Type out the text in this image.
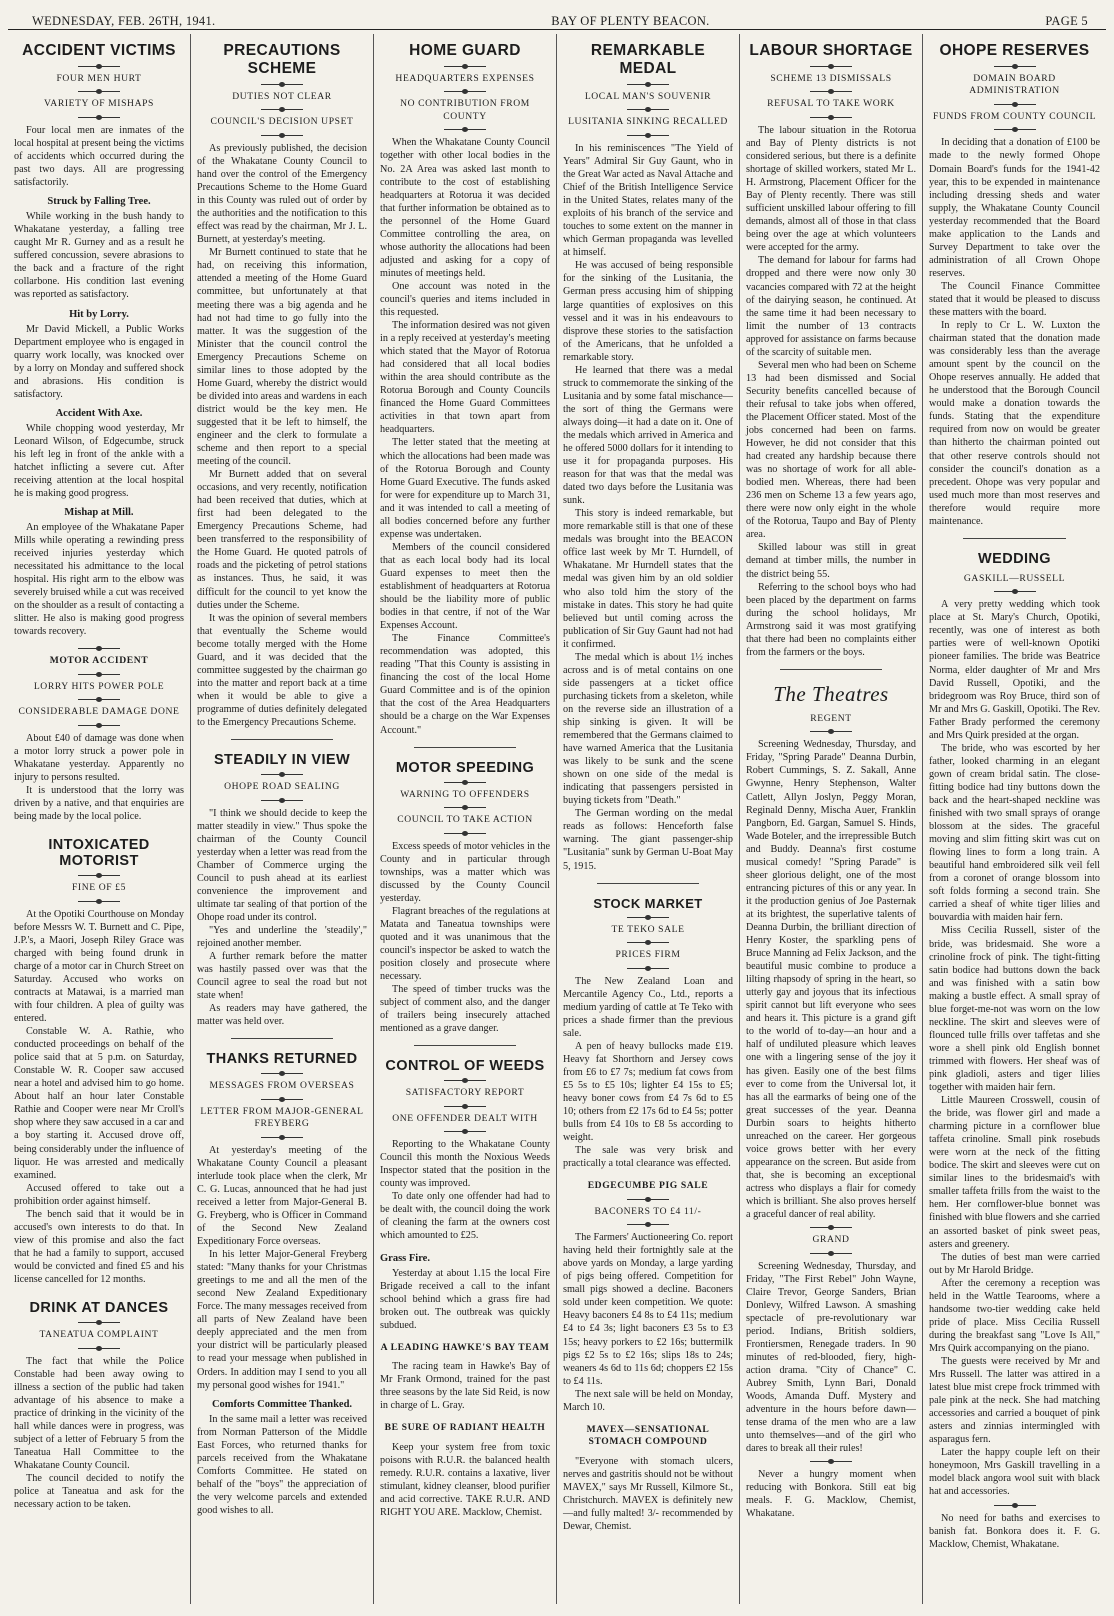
WEDNESDAY, FEB. 26TH, 1941.	BAY OF PLENTY BEACON.	PAGE 5
ACCIDENT VICTIMS
FOUR MEN HURT
VARIETY OF MISHAPS

Four local men are inmates of the local hospital at present being the victims of accidents which occurred during the past two days. All are progressing satisfactorily.

Struck by Falling Tree.

While working in the bush handy to Whakatane yesterday, a falling tree caught Mr R. Gurney and as a result he suffered concussion, severe abrasions to the back and a fracture of the right collarbone. His condition last evening was reported as satisfactory.

Hit by Lorry.

Mr David Mickell, a Public Works Department employee who is engaged in quarry work locally, was knocked over by a lorry on Monday and suffered shock and abrasions. His condition is satisfactory.

Accident With Axe.

While chopping wood yesterday, Mr Leonard Wilson, of Edgecumbe, struck his left leg in front of the ankle with a hatchet inflicting a severe cut. After receiving attention at the local hospital he is making good progress.

Mishap at Mill.

An employee of the Whakatane Paper Mills while operating a rewinding press received injuries yesterday which necessitated his admittance to the local hospital. His right arm to the elbow was severely bruised while a cut was received on the shoulder as a result of contacting a slitter. He also is making good progress towards recovery.

MOTOR ACCIDENT
LORRY HITS POWER POLE
CONSIDERABLE DAMAGE DONE

About £40 of damage was done when a motor lorry struck a power pole in Whakatane yesterday. Apparently no injury to persons resulted.

It is understood that the lorry was driven by a native, and that enquiries are being made by the local police.

INTOXICATED MOTORIST
FINE OF £5

At the Opotiki Courthouse on Monday before Messrs W. T. Burnett and C. Pipe, J.P.'s, a Maori, Joseph Riley Grace was charged with being found drunk in charge of a motor car in Church Street on Saturday. Accused who works on contracts at Matawai, is a married man with four children. A plea of guilty was entered.

Constable W. A. Rathie, who conducted proceedings on behalf of the police said that at 5 p.m. on Saturday, Constable W. R. Cooper saw accused near a hotel and advised him to go home. About half an hour later Constable Rathie and Cooper were near Mr Croll's shop where they saw accused in a car and a boy starting it. Accused drove off, being considerably under the influence of liquor. He was arrested and medically examined.

Accused offered to take out a prohibition order against himself.

The bench said that it would be in accused's own interests to do that. In view of this promise and also the fact that he had a family to support, accused would be convicted and fined £5 and his license cancelled for 12 months.

DRINK AT DANCES
TANEATUA COMPLAINT

The fact that while the Police Constable had been away owing to illness a section of the public had taken advantage of his absence to make a practice of drinking in the vicinity of the hall while dances were in progress, was subject of a letter of February 5 from the Taneatua Hall Committee to the Whakatane County Council.

The council decided to notify the police at Taneatua and ask for the necessary action to be taken.

PRECAUTIONS SCHEME
DUTIES NOT CLEAR
COUNCIL'S DECISION UPSET

As previously published, the decision of the Whakatane County Council to hand over the control of the Emergency Precautions Scheme to the Home Guard in this County was ruled out of order by the authorities and the notification to this effect was read by the chairman, Mr J. L. Burnett, at yesterday's meeting.

Mr Burnett continued to state that he had, on receiving this information, attended a meeting of the Home Guard committee, but unfortunately at that meeting there was a big agenda and he had not had time to go fully into the matter. It was the suggestion of the Minister that the council control the Emergency Precautions Scheme on similar lines to those adopted by the Home Guard, whereby the district would be divided into areas and wardens in each district would be the key men. He suggested that it be left to himself, the engineer and the clerk to formulate a scheme and then report to a special meeting of the council.

Mr Burnett added that on several occasions, and very recently, notification had been received that duties, which at first had been delegated to the Emergency Precautions Scheme, had been transferred to the responsibility of the Home Guard. He quoted patrols of roads and the picketing of petrol stations as instances. Thus, he said, it was difficult for the council to yet know the duties under the Scheme.

It was the opinion of several members that eventually the Scheme would become totally merged with the Home Guard, and it was decided that the committee suggested by the chairman go into the matter and report back at a time when it would be able to give a programme of duties definitely delegated to the Emergency Precautions Scheme.

STEADILY IN VIEW
OHOPE ROAD SEALING

"I think we should decide to keep the matter steadily in view." Thus spoke the chairman of the County Council yesterday when a letter was read from the Chamber of Commerce urging the Council to push ahead at its earliest convenience the improvement and ultimate tar sealing of that portion of the Ohope road under its control.

"Yes and underline the 'steadily'," rejoined another member.

A further remark before the matter was hastily passed over was that the Council agree to seal the road but not state when!

As readers may have gathered, the matter was held over.

THANKS RETURNED
MESSAGES FROM OVERSEAS
LETTER FROM MAJOR-GENERAL FREYBERG

At yesterday's meeting of the Whakatane County Council a pleasant interlude took place when the clerk, Mr C. G. Lucas, announced that he had just received a letter from Major-General B. G. Freyberg, who is Officer in Command of the Second New Zealand Expeditionary Force overseas.

In his letter Major-General Freyberg stated: "Many thanks for your Christmas greetings to me and all the men of the second New Zealand Expeditionary Force. The many messages received from all parts of New Zealand have been deeply appreciated and the men from your district will be particularly pleased to read your message when published in Orders. In addition may I send to you all my personal good wishes for 1941."

Comforts Committee Thanked.

In the same mail a letter was received from Norman Patterson of the Middle East Forces, who returned thanks for parcels received from the Whakatane Comforts Committee. He stated on behalf of the "boys" the appreciation of the very welcome parcels and extended good wishes to all.

HOME GUARD
HEADQUARTERS EXPENSES
NO CONTRIBUTION FROM COUNTY

When the Whakatane County Council together with other local bodies in the No. 2A Area was asked last month to contribute to the cost of establishing headquarters at Rotorua it was decided that further information be obtained as to the personnel of the Home Guard Committee controlling the area, on whose authority the allocations had been adjusted and asking for a copy of minutes of meetings held.

One account was noted in the council's queries and items included in this requested.

The information desired was not given in a reply received at yesterday's meeting which stated that the Mayor of Rotorua had considered that all local bodies within the area should contribute as the Rotorua Borough and County Councils financed the Home Guard Committees activities in that town apart from headquarters.

The letter stated that the meeting at which the allocations had been made was of the Rotorua Borough and County Home Guard Executive. The funds asked for were for expenditure up to March 31, and it was intended to call a meeting of all bodies concerned before any further expense was undertaken.

Members of the council considered that as each local body had its local Guard expenses to meet then the establishment of headquarters at Rotorua should be the liability more of public bodies in that centre, if not of the War Expenses Account.

The Finance Committee's recommendation was adopted, this reading "That this County is assisting in financing the cost of the local Home Guard Committee and is of the opinion that the cost of the Area Headquarters should be a charge on the War Expenses Account."

MOTOR SPEEDING
WARNING TO OFFENDERS
COUNCIL TO TAKE ACTION

Excess speeds of motor vehicles in the County and in particular through townships, was a matter which was discussed by the County Council yesterday.

Flagrant breaches of the regulations at Matata and Taneatua townships were quoted and it was unanimous that the council's inspector be asked to watch the position closely and prosecute where necessary.

The speed of timber trucks was the subject of comment also, and the danger of trailers being insecurely attached mentioned as a grave danger.

CONTROL OF WEEDS
SATISFACTORY REPORT
ONE OFFENDER DEALT WITH

Reporting to the Whakatane County Council this month the Noxious Weeds Inspector stated that the position in the county was improved.

To date only one offender had had to be dealt with, the council doing the work of cleaning the farm at the owners cost which amounted to £25.

Grass Fire.

Yesterday at about 1.15 the local Fire Brigade received a call to the infant school behind which a grass fire had broken out. The outbreak was quickly subdued.

A LEADING HAWKE'S BAY TEAM

The racing team in Hawke's Bay of Mr Frank Ormond, trained for the past three seasons by the late Sid Reid, is now in charge of L. Gray.

BE SURE OF RADIANT HEALTH

Keep your system free from toxic poisons with R.U.R. the balanced health remedy. R.U.R. contains a laxative, liver stimulant, kidney cleanser, blood purifier and acid corrective. TAKE R.U.R. AND RIGHT YOU ARE. Macklow, Chemist.

REMARKABLE MEDAL
LOCAL MAN'S SOUVENIR
LUSITANIA SINKING RECALLED

In his reminiscences "The Yield of Years" Admiral Sir Guy Gaunt, who in the Great War acted as Naval Attache and Chief of the British Intelligence Service in the United States, relates many of the exploits of his branch of the service and touches to some extent on the manner in which German propaganda was levelled at himself.

He was accused of being responsible for the sinking of the Lusitania, the German press accusing him of shipping large quantities of explosives on this vessel and it was in his endeavours to disprove these stories to the satisfaction of the Americans, that he unfolded a remarkable story.

He learned that there was a medal struck to commemorate the sinking of the Lusitania and by some fatal mischance—the sort of thing the Germans were always doing—it had a date on it. One of the medals which arrived in America and he offered 5000 dollars for it intending to use it for propaganda purposes. His reason for that was that the medal was dated two days before the Lusitania was sunk.

This story is indeed remarkable, but more remarkable still is that one of these medals was brought into the BEACON office last week by Mr T. Hurndell, of Whakatane. Mr Hurndell states that the medal was given him by an old soldier who also told him the story of the mistake in dates. This story he had quite believed but until coming across the publication of Sir Guy Gaunt had not had it confirmed.

The medal which is about 1½ inches across and is of metal contains on one side passengers at a ticket office purchasing tickets from a skeleton, while on the reverse side an illustration of a ship sinking is given. It will be remembered that the Germans claimed to have warned America that the Lusitania was likely to be sunk and the scene shown on one side of the medal is indicating that passengers persisted in buying tickets from "Death."

The German wording on the medal reads as follows: Henceforth false warning. The giant passenger-ship "Lusitania" sunk by German U-Boat May 5, 1915.

STOCK MARKET
TE TEKO SALE
PRICES FIRM

The New Zealand Loan and Mercantile Agency Co., Ltd., reports a medium yarding of cattle at Te Teko with prices a shade firmer than the previous sale.

A pen of heavy bullocks made £19. Heavy fat Shorthorn and Jersey cows from £6 to £7 7s; medium fat cows from £5 5s to £5 10s; lighter £4 15s to £5; heavy boner cows from £4 7s 6d to £5 10; others from £2 17s 6d to £4 5s; potter bulls from £4 10s to £8 5s according to weight.

The sale was very brisk and practically a total clearance was effected.

EDGECUMBE PIG SALE
BACONERS TO £4 11/-

The Farmers' Auctioneering Co. report having held their fortnightly sale at the above yards on Monday, a large yarding of pigs being offered. Competition for small pigs showed a decline. Baconers sold under keen competition. We quote: Heavy baconers £4 8s to £4 11s; medium £4 to £4 3s; light baconers £3 5s to £3 15s; heavy porkers to £2 16s; buttermilk pigs £2 5s to £2 16s; slips 18s to 24s; weaners 4s 6d to 11s 6d; choppers £2 15s to £4 11s.

The next sale will be held on Monday, March 10.

MAVEX—SENSATIONAL STOMACH COMPOUND

"Everyone with stomach ulcers, nerves and gastritis should not be without MAVEX," says Mr Russell, Kilmore St., Christchurch. MAVEX is definitely new—and fully malted! 3/- recommended by Dewar, Chemist.

LABOUR SHORTAGE
SCHEME 13 DISMISSALS
REFUSAL TO TAKE WORK

The labour situation in the Rotorua and Bay of Plenty districts is not considered serious, but there is a definite shortage of skilled workers, stated Mr L. H. Armstrong, Placement Officer for the Bay of Plenty recently. There was still sufficient unskilled labour offering to fill demands, almost all of those in that class being over the age at which volunteers were accepted for the army.

The demand for labour for farms had dropped and there were now only 30 vacancies compared with 72 at the height of the dairying season, he continued. At the same time it had been necessary to limit the number of 13 contracts approved for assistance on farms because of the scarcity of suitable men.

Several men who had been on Scheme 13 had been dismissed and Social Security benefits cancelled because of their refusal to take jobs when offered, the Placement Officer stated. Most of the jobs concerned had been on farms. However, he did not consider that this had created any hardship because there was no shortage of work for all able-bodied men. Whereas, there had been 236 men on Scheme 13 a few years ago, there were now only eight in the whole of the Rotorua, Taupo and Bay of Plenty area.

Skilled labour was still in great demand at timber mills, the number in the district being 55.

Referring to the school boys who had been placed by the department on farms during the school holidays, Mr Armstrong said it was most gratifying that there had been no complaints either from the farmers or the boys.

The Theatres
REGENT

Screening Wednesday, Thursday, and Friday, "Spring Parade" Deanna Durbin, Robert Cummings, S. Z. Sakall, Anne Gwynne, Henry Stephenson, Walter Catlett, Allyn Joslyn, Peggy Moran, Reginald Denny, Mischa Auer, Franklin Pangborn, Ed. Gargan, Samuel S. Hinds, Wade Boteler, and the irrepressible Butch and Buddy. Deanna's first costume musical comedy! "Spring Parade" is sheer glorious delight, one of the most entrancing pictures of this or any year. In it the production genius of Joe Pasternak at its brightest, the superlative talents of Deanna Durbin, the brilliant direction of Henry Koster, the sparkling pens of Bruce Manning ad Felix Jackson, and the beautiful music combine to produce a lilting rhapsody of spring in the heart, so utterly gay and joyous that its infectious spirit cannot but lift everyone who sees and hears it. This picture is a grand gift to the world of to-day—an hour and a half of undiluted pleasure which leaves one with a lingering sense of the joy it has given. Easily one of the best films ever to come from the Universal lot, it has all the earmarks of being one of the great successes of the year. Deanna Durbin soars to heights hitherto unreached on the career. Her gorgeous voice grows better with her every appearance on the screen. But aside from that, she is becoming an exceptional actress who displays a flair for comedy which is brilliant. She also proves herself a graceful dancer of real ability.

GRAND

Screening Wednesday, Thursday, and Friday, "The First Rebel" John Wayne, Claire Trevor, George Sanders, Brian Donlevy, Wilfred Lawson. A smashing spectacle of pre-revolutionary war period. Indians, British soldiers, Frontiersmen, Renegade traders. In 90 minutes of red-blooded, fiery, high-action drama. "City of Chance" C. Aubrey Smith, Lynn Bari, Donald Woods, Amanda Duff. Mystery and adventure in the hours before dawn—tense drama of the men who are a law unto themselves—and of the girl who dares to break all their rules!

Never a hungry moment when reducing with Bonkora. Still eat big meals. F. G. Macklow, Chemist, Whakatane.

OHOPE RESERVES
DOMAIN BOARD ADMINISTRATION
FUNDS FROM COUNTY COUNCIL

In deciding that a donation of £100 be made to the newly formed Ohope Domain Board's funds for the 1941-42 year, this to be expended in maintenance including dressing sheds and water supply, the Whakatane County Council yesterday recommended that the Board make application to the Lands and Survey Department to take over the administration of all Crown Ohope reserves.

The Council Finance Committee stated that it would be pleased to discuss these matters with the board.

In reply to Cr L. W. Luxton the chairman stated that the donation made was considerably less than the average amount spent by the council on the Ohope reserves annually. He added that he understood that the Borough Council would make a donation towards the funds. Stating that the expenditure required from now on would be greater than hitherto the chairman pointed out that other reserve controls should not consider the council's donation as a precedent. Ohope was very popular and used much more than most reserves and therefore would require more maintenance.

WEDDING
GASKILL—RUSSELL

A very pretty wedding which took place at St. Mary's Church, Opotiki, recently, was one of interest as both parties were of well-known Opotiki pioneer families. The bride was Beatrice Norma, elder daughter of Mr and Mrs David Russell, Opotiki, and the bridegroom was Roy Bruce, third son of Mr and Mrs G. Gaskill, Opotiki. The Rev. Father Brady performed the ceremony and Mrs Quirk presided at the organ.

The bride, who was escorted by her father, looked charming in an elegant gown of cream bridal satin. The close-fitting bodice had tiny buttons down the back and the heart-shaped neckline was finished with two small sprays of orange blossom at the sides. The graceful moving and slim fitting skirt was cut on flowing lines to form a long train. A beautiful hand embroidered silk veil fell from a coronet of orange blossom into soft folds forming a second train. She carried a sheaf of white tiger lilies and bouvardia with maiden hair fern.

Miss Cecilia Russell, sister of the bride, was bridesmaid. She wore a crinoline frock of pink. The tight-fitting satin bodice had buttons down the back and was finished with a satin bow making a bustle effect. A small spray of blue forget-me-not was worn on the low neckline. The skirt and sleeves were of flounced tulle frills over taffetas and she wore a shell pink old English bonnet trimmed with flowers. Her sheaf was of pink gladioli, asters and tiger lilies together with maiden hair fern.

Little Maureen Crosswell, cousin of the bride, was flower girl and made a charming picture in a cornflower blue taffeta crinoline. Small pink rosebuds were worn at the neck of the fitting bodice. The skirt and sleeves were cut on similar lines to the bridesmaid's with smaller taffeta frills from the waist to the hem. Her cornflower-blue bonnet was finished with blue flowers and she carried an assorted basket of pink sweet peas, asters and greenery.

The duties of best man were carried out by Mr Harold Bridge.

After the ceremony a reception was held in the Wattle Tearooms, where a handsome two-tier wedding cake held pride of place. Miss Cecilia Russell during the breakfast sang "Love Is All," Mrs Quirk accompanying on the piano.

The guests were received by Mr and Mrs Russell. The latter was attired in a latest blue mist crepe frock trimmed with pale pink at the neck. She had matching accessories and carried a bouquet of pink asters and zinnias intermingled with asparagus fern.

Later the happy couple left on their honeymoon, Mrs Gaskill travelling in a model black angora wool suit with black hat and accessories.

No need for baths and exercises to banish fat. Bonkora does it. F. G. Macklow, Chemist, Whakatane.
